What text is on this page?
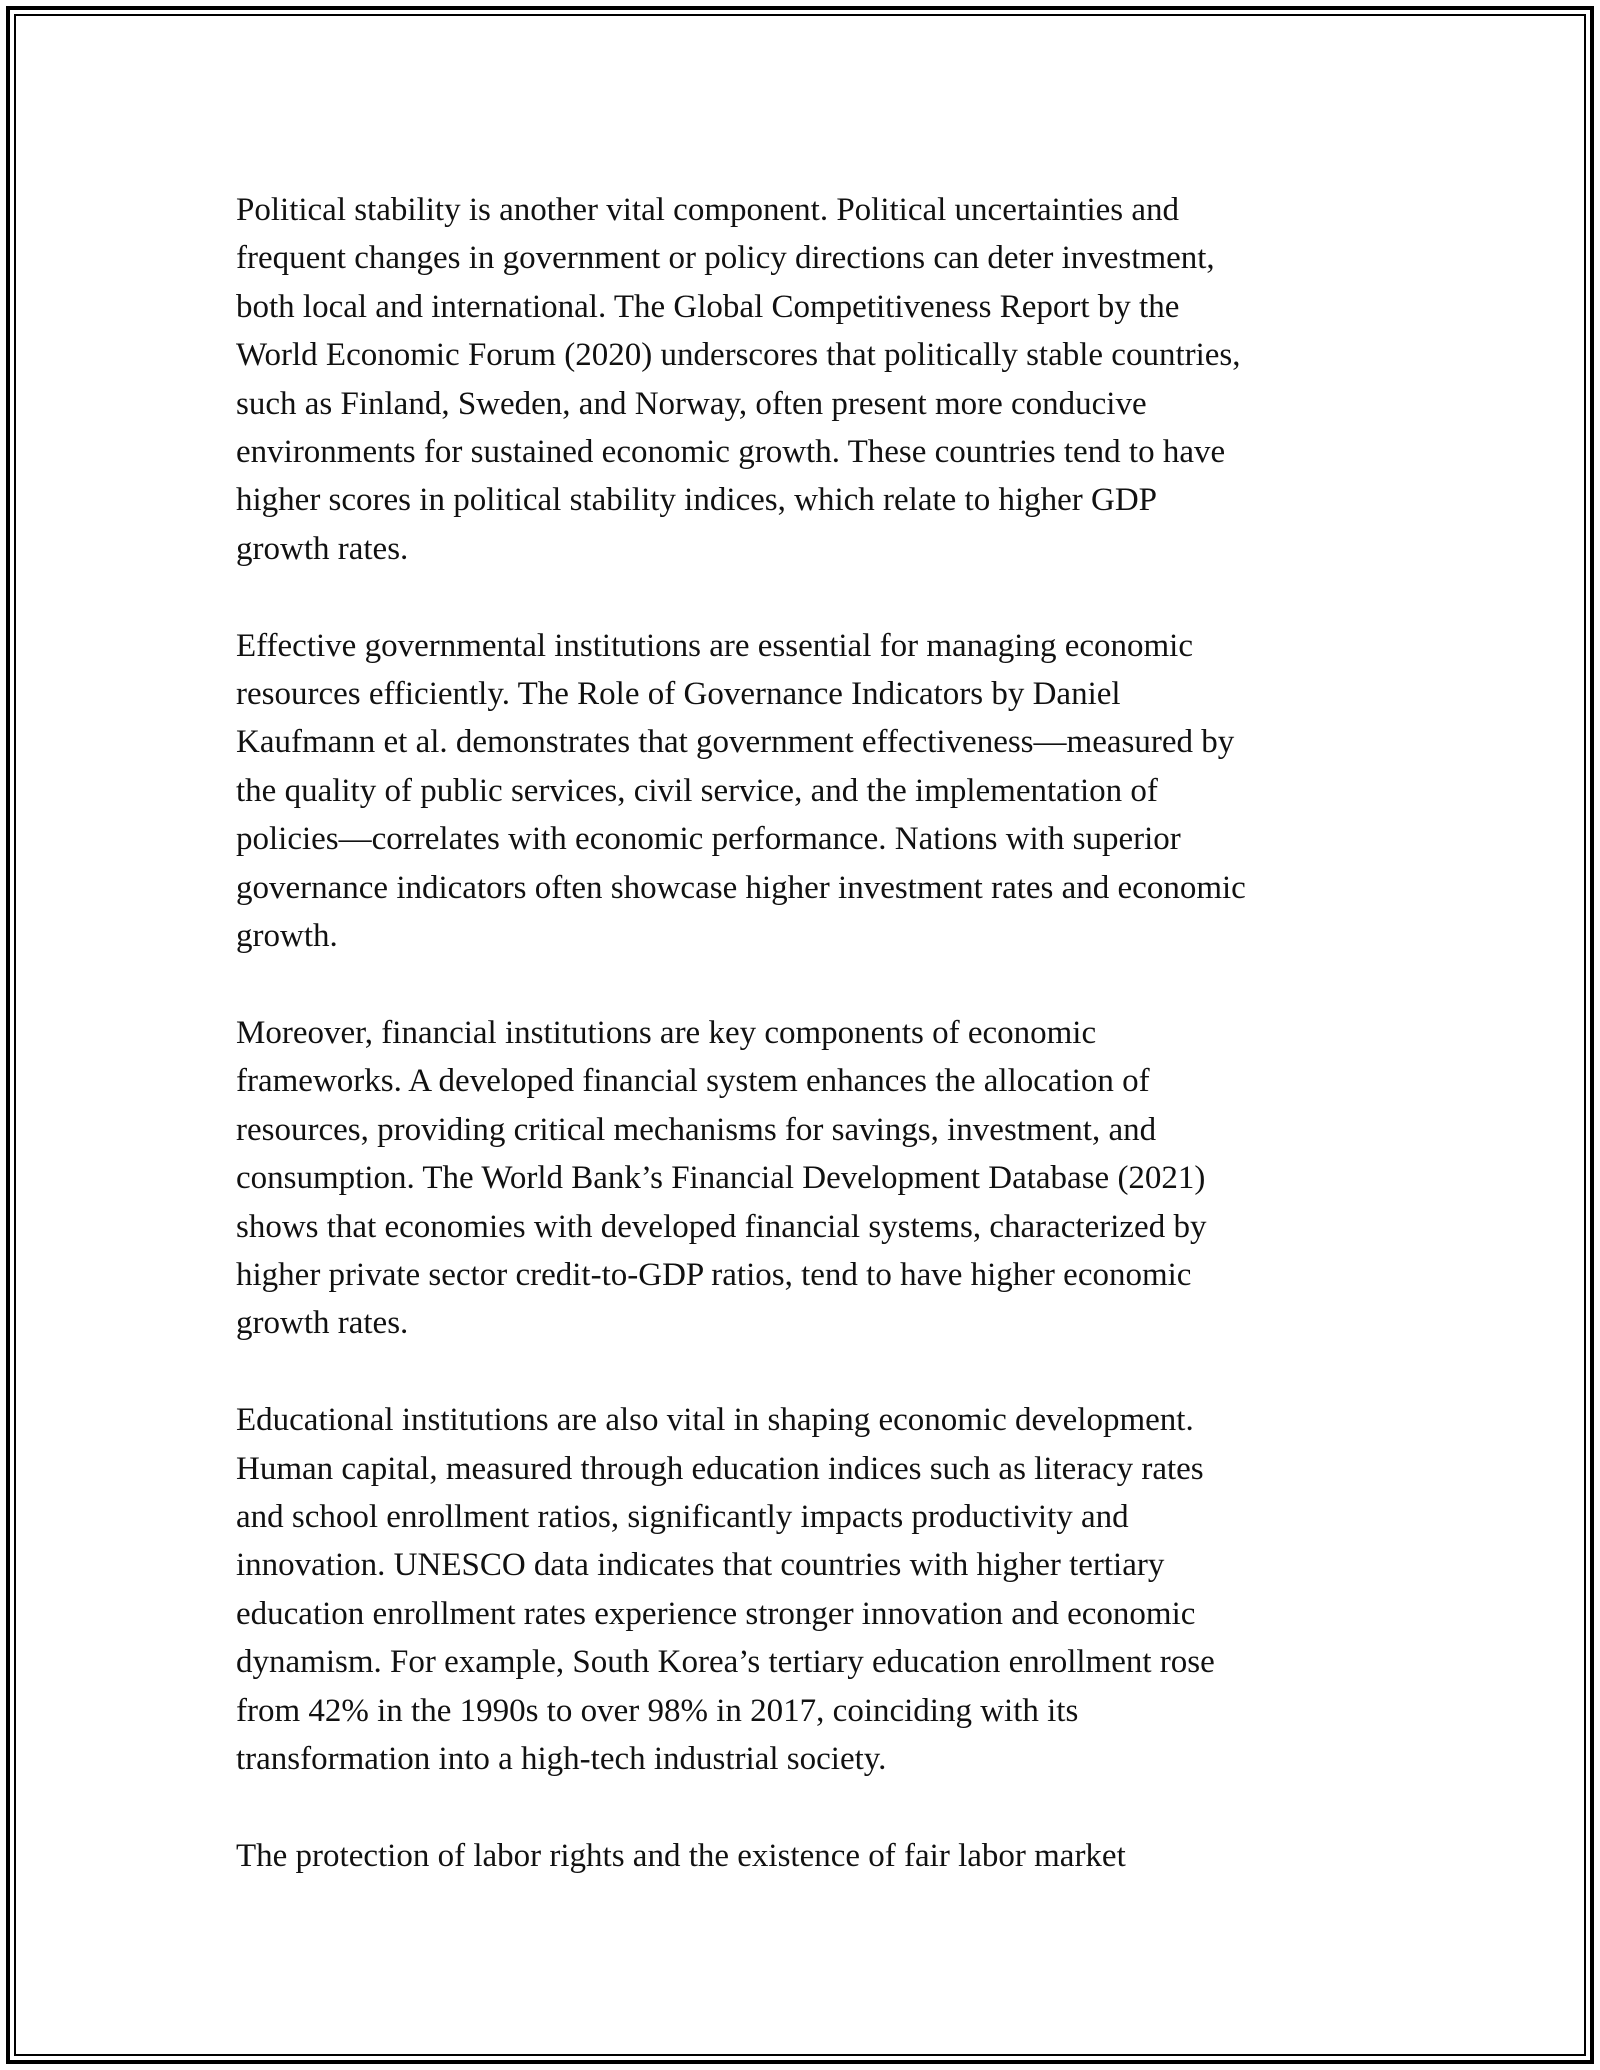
Political stability is another vital component. Political uncertainties and
frequent changes in government or policy directions can deter investment,
both local and international. The Global Competitiveness Report by the
World Economic Forum (2020) underscores that politically stable countries,
such as Finland, Sweden, and Norway, often present more conducive
environments for sustained economic growth. These countries tend to have
higher scores in political stability indices, which relate to higher GDP
growth rates.

Effective governmental institutions are essential for managing economic
resources efficiently. The Role of Governance Indicators by Daniel
Kaufmann et al. demonstrates that government effectiveness—measured by
the quality of public services, civil service, and the implementation of
policies—correlates with economic performance. Nations with superior
governance indicators often showcase higher investment rates and economic
growth.

Moreover, financial institutions are key components of economic
frameworks. A developed financial system enhances the allocation of
resources, providing critical mechanisms for savings, investment, and
consumption. The World Bank’s Financial Development Database (2021)
shows that economies with developed financial systems, characterized by
higher private sector credit-to-GDP ratios, tend to have higher economic
growth rates.

Educational institutions are also vital in shaping economic development.
Human capital, measured through education indices such as literacy rates
and school enrollment ratios, significantly impacts productivity and
innovation. UNESCO data indicates that countries with higher tertiary
education enrollment rates experience stronger innovation and economic
dynamism. For example, South Korea’s tertiary education enrollment rose
from 42% in the 1990s to over 98% in 2017, coinciding with its
transformation into a high-tech industrial society.

The protection of labor rights and the existence of fair labor market
